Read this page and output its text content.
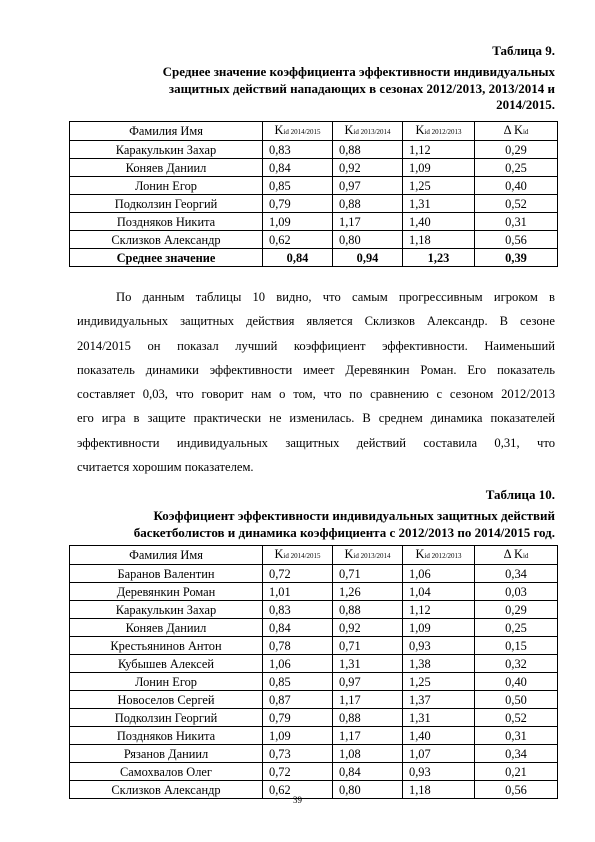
Таблица 9.
Среднее значение коэффициента эффективности индивидуальных
защитных действий нападающих в сезонах 2012/2013, 2013/2014 и
2014/2015.
Фамилия Имя	Kid 2014/2015	Kid 2013/2014	Kid 2012/2013	Δ Kid
Каракулькин Захар	0,83	0,88	1,12	0,29
Коняев Даниил	0,84	0,92	1,09	0,25
Лонин Егор	0,85	0,97	1,25	0,40
Подколзин Георгий	0,79	0,88	1,31	0,52
Поздняков Никита	1,09	1,17	1,40	0,31
Склизков Александр	0,62	0,80	1,18	0,56
Среднее значение	0,84	0,94	1,23	0,39
По данным таблицы 10 видно, что самым прогрессивным игроком в
индивидуальных защитных действия является Склизков Александр. В сезоне
2014/2015 он показал лучший коэффициент эффективности. Наименьший
показатель динамики эффективности имеет Деревянкин Роман. Его показатель
составляет 0,03, что говорит нам о том, что по сравнению с сезоном 2012/2013
его игра в защите практически не изменилась. В среднем динамика показателей
эффективности индивидуальных защитных действий составила 0,31, что
считается хорошим показателем.
Таблица 10.
Коэффициент эффективности индивидуальных защитных действий
баскетболистов и динамика коэффициента с 2012/2013 по 2014/2015 год.
Фамилия Имя	Kid 2014/2015	Kid 2013/2014	Kid 2012/2013	Δ Kid
Баранов Валентин	0,72	0,71	1,06	0,34
Деревянкин Роман	1,01	1,26	1,04	0,03
Каракулькин Захар	0,83	0,88	1,12	0,29
Коняев Даниил	0,84	0,92	1,09	0,25
Крестьянинов Антон	0,78	0,71	0,93	0,15
Кубышев Алексей	1,06	1,31	1,38	0,32
Лонин Егор	0,85	0,97	1,25	0,40
Новоселов Сергей	0,87	1,17	1,37	0,50
Подколзин Георгий	0,79	0,88	1,31	0,52
Поздняков Никита	1,09	1,17	1,40	0,31
Рязанов Даниил	0,73	1,08	1,07	0,34
Самохвалов Олег	0,72	0,84	0,93	0,21
Склизков Александр	0,62	0,80	1,18	0,56
39
